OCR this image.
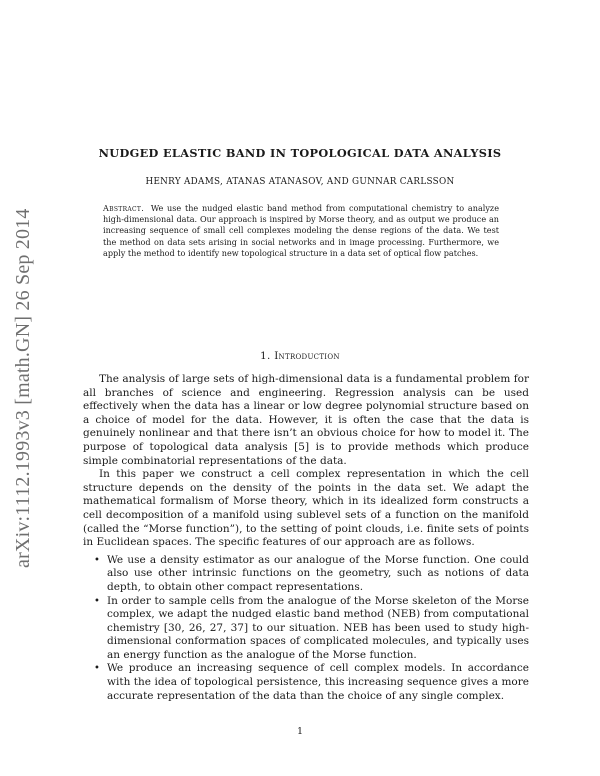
arXiv:1112.1993v3 [math.GN] 26 Sep 2014
NUDGED ELASTIC BAND IN TOPOLOGICAL DATA ANALYSIS
HENRY ADAMS, ATANAS ATANASOV, AND GUNNAR CARLSSON
Abstract. We use the nudged elastic band method from computational chemistry to analyze high-dimensional data. Our approach is inspired by Morse theory, and as output we produce an increasing sequence of small cell complexes modeling the dense regions of the data. We test the method on data sets arising in social networks and in image processing. Furthermore, we apply the method to identify new topological structure in a data set of optical flow patches.
1. Introduction

The analysis of large sets of high-dimensional data is a fundamental problem for all branches of science and engineering. Regression analysis can be used effectively when the data has a linear or low degree polynomial structure based on a choice of model for the data. However, it is often the case that the data is genuinely nonlinear and that there isn’t an obvious choice for how to model it. The purpose of topological data analysis [5] is to provide methods which produce simple combinatorial representations of the data.

In this paper we construct a cell complex representation in which the cell structure depends on the density of the points in the data set. We adapt the mathematical formalism of Morse theory, which in its idealized form constructs a cell decomposition of a manifold using sublevel sets of a function on the manifold (called the “Morse function”), to the setting of point clouds, i.e. finite sets of points in Euclidean spaces. The specific features of our approach are as follows.

• We use a density estimator as our analogue of the Morse function. One could also use other intrinsic functions on the geometry, such as notions of data depth, to obtain other compact representations.
• In order to sample cells from the analogue of the Morse skeleton of the Morse complex, we adapt the nudged elastic band method (NEB) from computational chemistry [30, 26, 27, 37] to our situation. NEB has been used to study high-dimensional conformation spaces of complicated molecules, and typically uses an energy function as the analogue of the Morse function.
• We produce an increasing sequence of cell complex models. In accordance with the idea of topological persistence, this increasing sequence gives a more accurate representation of the data than the choice of any single complex.
1
